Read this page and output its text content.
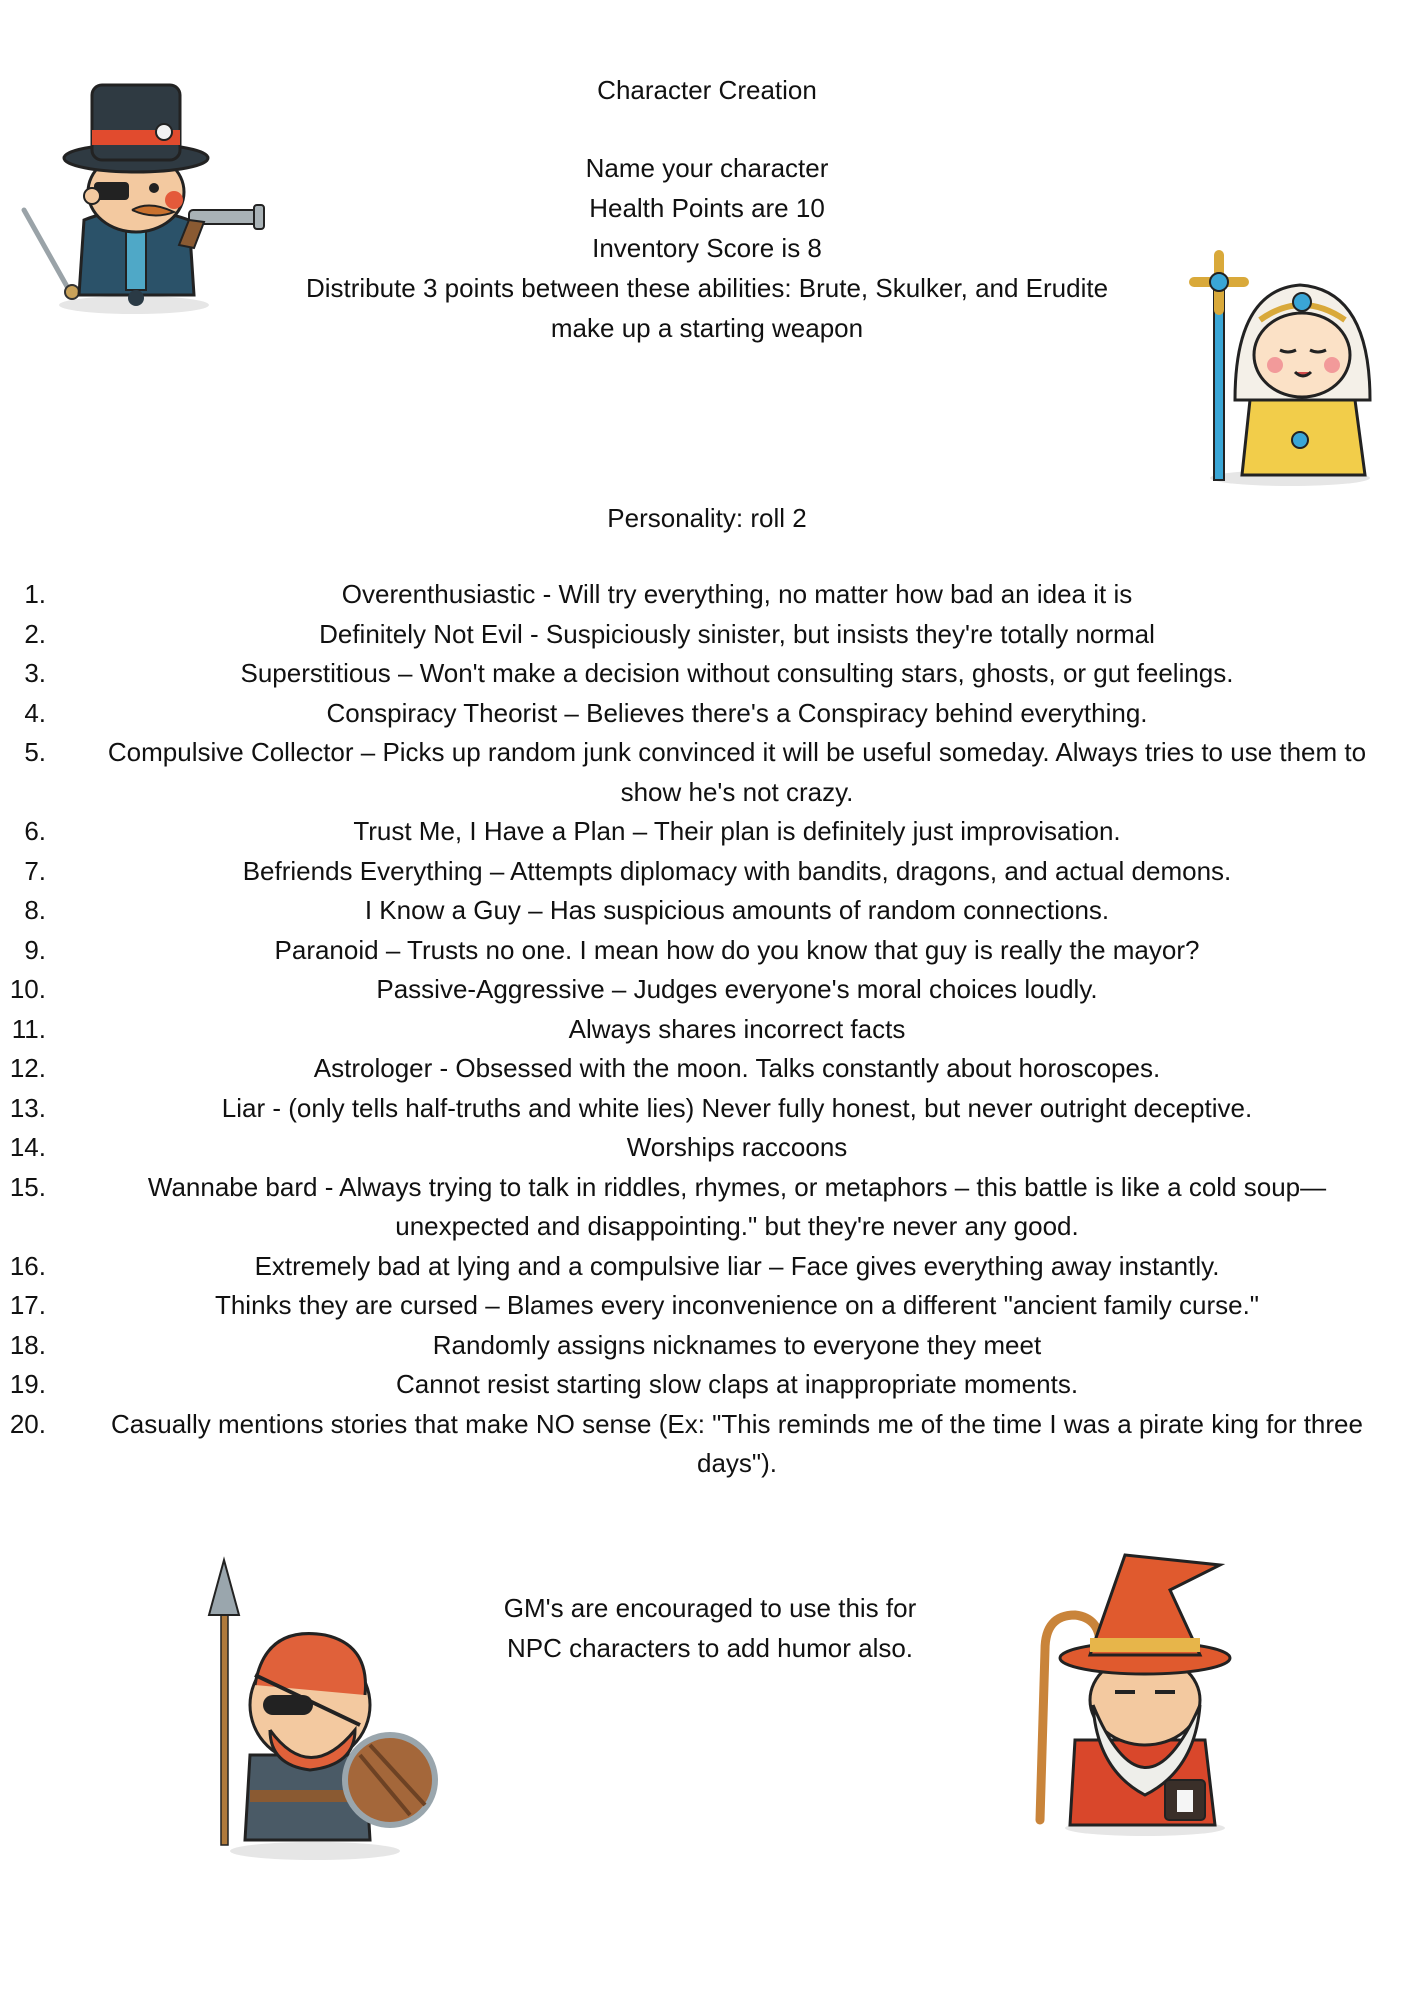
Character Creation
Name your character
Health Points are 10
Inventory Score is 8
Distribute 3 points between these abilities: Brute, Skulker, and Erudite
make up a starting weapon
Personality: roll 2
1.	Overenthusiastic - Will try everything, no matter how bad an idea it is
2.	Definitely Not Evil - Suspiciously sinister, but insists they're totally normal
3.	Superstitious – Won't make a decision without consulting stars, ghosts, or gut feelings.
4.	Conspiracy Theorist – Believes there's a Conspiracy behind everything.
5.	Compulsive Collector – Picks up random junk convinced it will be useful someday. Always tries to use them to show he's not crazy.
6.	Trust Me, I Have a Plan – Their plan is definitely just improvisation.
7.	Befriends Everything – Attempts diplomacy with bandits, dragons, and actual demons.
8.	I Know a Guy – Has suspicious amounts of random connections.
9.	Paranoid – Trusts no one. I mean how do you know that guy is really the mayor?
10.	Passive-Aggressive – Judges everyone's moral choices loudly.
11.	Always shares incorrect facts
12.	Astrologer - Obsessed with the moon. Talks constantly about horoscopes.
13.	Liar - (only tells half-truths and white lies) Never fully honest, but never outright deceptive.
14.	Worships raccoons
15.	Wannabe bard - Always trying to talk in riddles, rhymes, or metaphors – this battle is like a cold soup—unexpected and disappointing." but they're never any good.
16.	Extremely bad at lying and a compulsive liar – Face gives everything away instantly.
17.	Thinks they are cursed – Blames every inconvenience on a different "ancient family curse."
18.	Randomly assigns nicknames to everyone they meet
19.	Cannot resist starting slow claps at inappropriate moments.
20.	Casually mentions stories that make NO sense (Ex: "This reminds me of the time I was a pirate king for three days").
GM's are encouraged to use this for NPC characters to add humor also.
